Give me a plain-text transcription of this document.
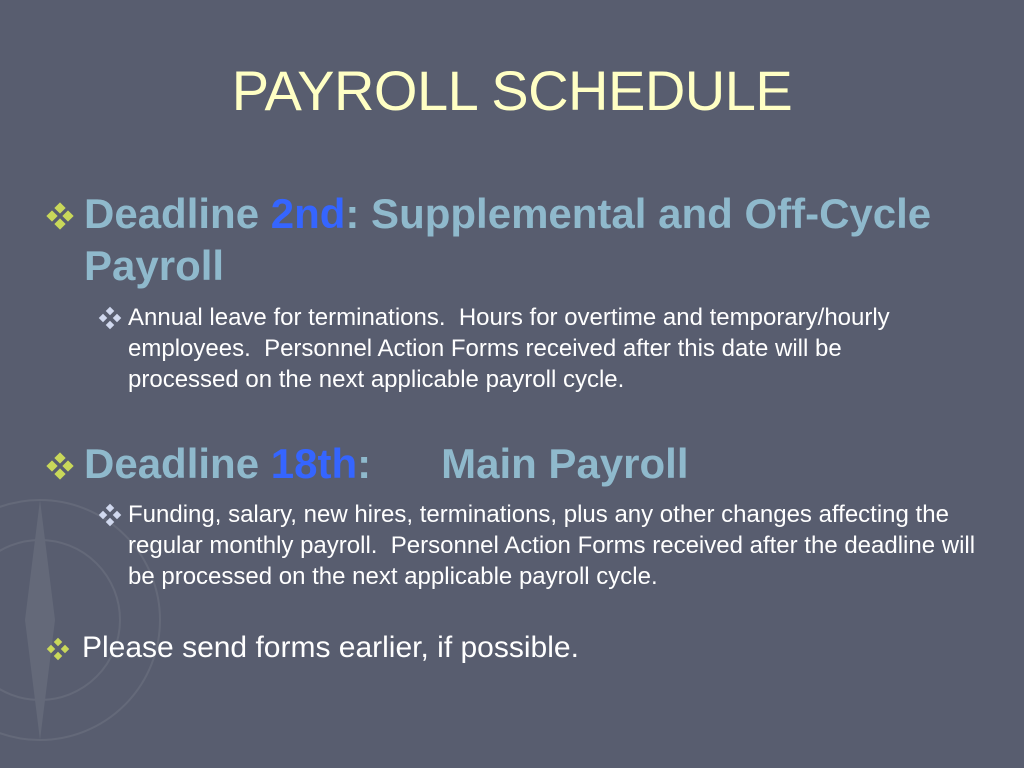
PAYROLL SCHEDULE
Deadline 2nd: Supplemental and Off-Cycle Payroll
Annual leave for terminations.  Hours for overtime and temporary/hourly employees.  Personnel Action Forms received after this date will be processed on the next applicable payroll cycle.
Deadline 18th:      Main Payroll
Funding, salary, new hires, terminations, plus any other changes affecting the regular monthly payroll.  Personnel Action Forms received after the deadline will be processed on the next applicable payroll cycle.
Please send forms earlier, if possible.
